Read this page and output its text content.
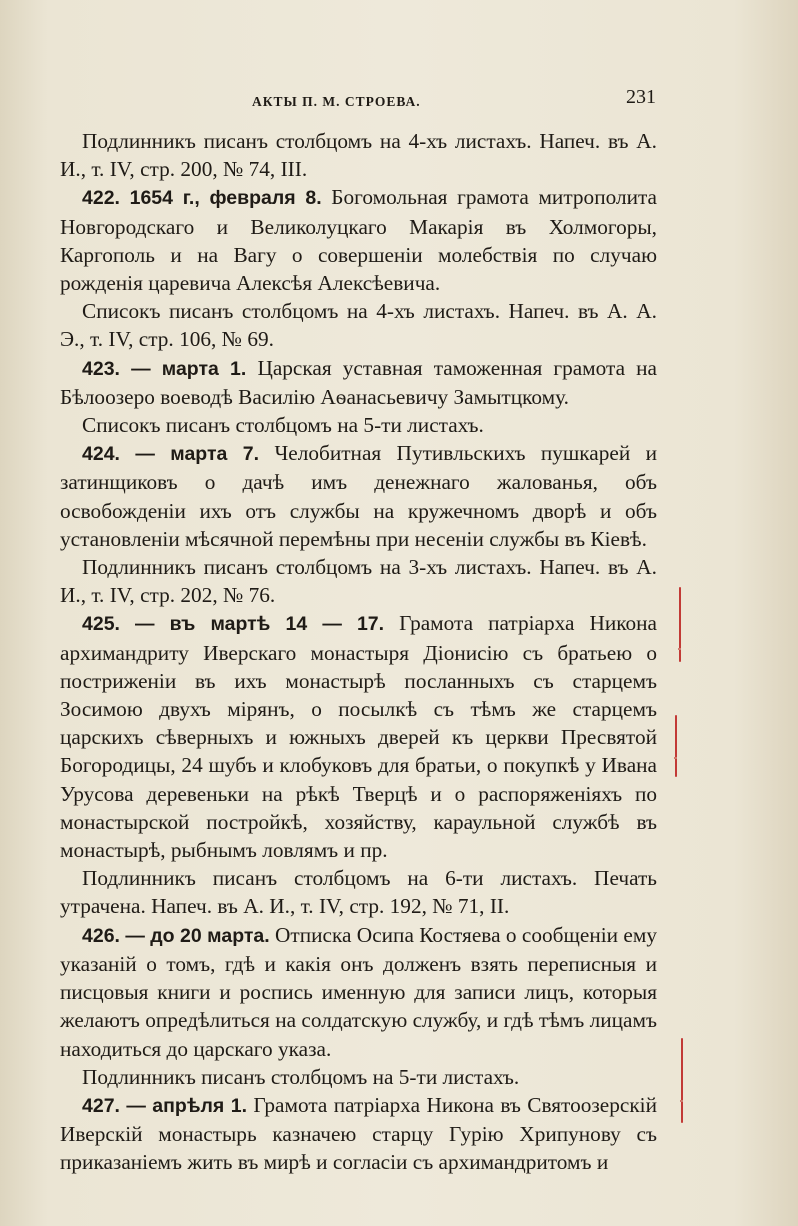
АКТЫ П. М. СТРОЕВА.	231

Подлинникъ писанъ столбцомъ на 4-хъ листахъ. Напеч. въ А. И., т. IV, стр. 200, № 74, III.

422. 1654 г., февраля 8. Богомольная грамота митрополита Новгородскаго и Великолуцкаго Макарія въ Холмогоры, Каргополь и на Вагу о совершеніи молебствія по случаю рожденія царевича Алексѣя Алексѣевича.

Списокъ писанъ столбцомъ на 4-хъ листахъ. Напеч. въ А. А. Э., т. IV, стр. 106, № 69.

423. — марта 1. Царская уставная таможенная грамота на Бѣлоозеро воеводѣ Василію Аѳанасьевичу Замытцкому.

Списокъ писанъ столбцомъ на 5-ти листахъ.

424. — марта 7. Челобитная Путивльскихъ пушкарей и затинщиковъ о дачѣ имъ денежнаго жалованья, объ освобожденіи ихъ отъ службы на кружечномъ дворѣ и объ установленіи мѣсячной перемѣны при несеніи службы въ Кіевѣ.

Подлинникъ писанъ столбцомъ на 3-хъ листахъ. Напеч. въ А. И., т. IV, стр. 202, № 76.

425. — въ мартѣ 14 — 17. Грамота патріарха Никона архимандриту Иверскаго монастыря Діонисію съ братьею о постриженіи въ ихъ монастырѣ посланныхъ съ старцемъ Зосимою двухъ мірянъ, о посылкѣ съ тѣмъ же старцемъ царскихъ сѣверныхъ и южныхъ дверей къ церкви Пресвятой Богородицы, 24 шубъ и клобуковъ для братьи, о покупкѣ у Ивана Урусова деревеньки на рѣкѣ Тверцѣ и о распоряженіяхъ по монастырской постройкѣ, хозяйству, караульной службѣ въ монастырѣ, рыбнымъ ловлямъ и пр.

Подлинникъ писанъ столбцомъ на 6-ти листахъ. Печать утрачена. Напеч. въ А. И., т. IV, стр. 192, № 71, II.

426. — до 20 марта. Отписка Осипа Костяева о сообщеніи ему указаній о томъ, гдѣ и какія онъ долженъ взять переписныя и писцовыя книги и роспись именную для записи лицъ, которыя желаютъ опредѣлиться на солдатскую службу, и гдѣ тѣмъ лицамъ находиться до царскаго указа.

Подлинникъ писанъ столбцомъ на 5-ти листахъ.

427. — апрѣля 1. Грамота патріарха Никона въ Святоозерскій Иверскій монастырь казначею старцу Гурію Хрипунову съ приказаніемъ жить въ мирѣ и согласіи съ архимандритомъ и
